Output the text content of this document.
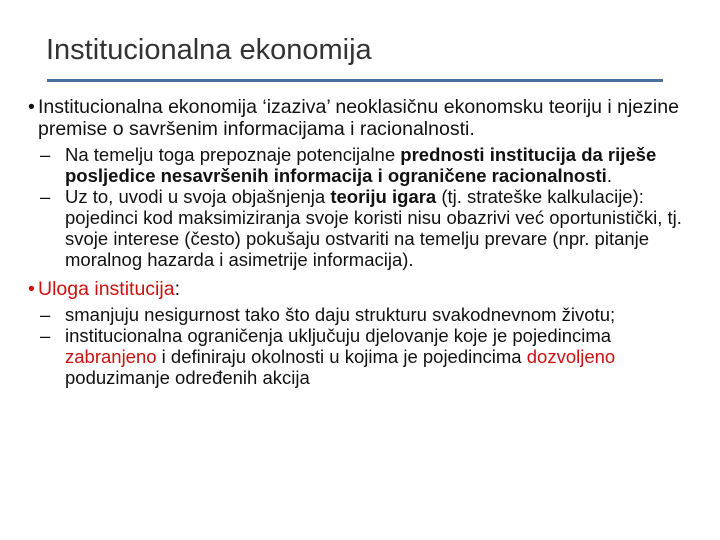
Institucionalna ekonomija
• Institucionalna ekonomija ‘izaziva’ neoklasičnu ekonomsku teoriju i njezine premise o savršenim informacijama i racionalnosti.
– Na temelju toga prepoznaje potencijalne prednosti institucija da riješe posljedice nesavršenih informacija i ograničene racionalnosti.
– Uz to, uvodi u svoja objašnjenja teoriju igara (tj. strateške kalkulacije): pojedinci kod maksimiziranja svoje koristi nisu obazrivi već oportunistički, tj. svoje interese (često) pokušaju ostvariti na temelju prevare (npr. pitanje moralnog hazarda i asimetrije informacija).
• Uloga institucija:
– smanjuju nesigurnost tako što daju strukturu svakodnevnom životu;
– institucionalna ograničenja uključuju djelovanje koje je pojedincima zabranjeno i definiraju okolnosti u kojima je pojedincima dozvoljeno poduzimanje određenih akcija
